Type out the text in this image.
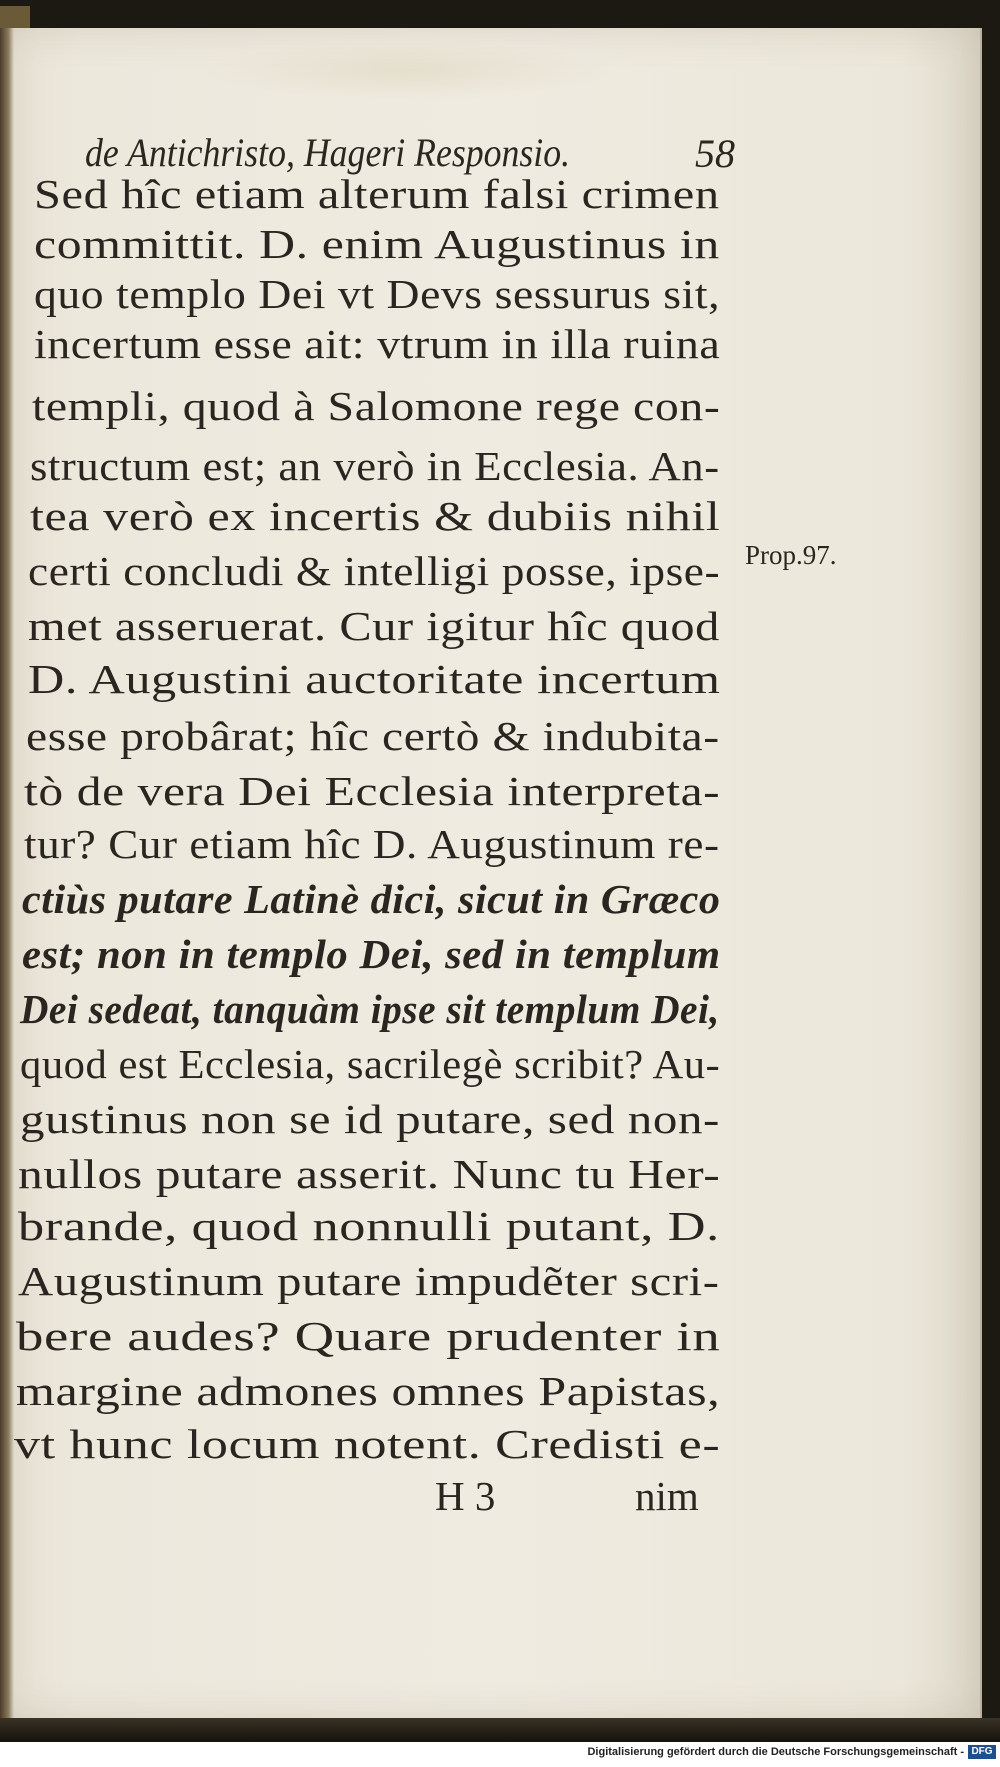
de Antichristo, Hageri Responsio.	58
Sed hîc etiam alterum falsi crimen
committit. D. enim Augustinus in
quo templo Dei vt Devs sessurus sit,
incertum esse ait: vtrum in illa ruina
templi, quod à Salomone rege con-
structum est; an verò in Ecclesia. An-
tea verò ex incertis & dubiis nihil
certi concludi & intelligi posse, ipse-
met asseruerat. Cur igitur hîc quod
D. Augustini auctoritate incertum
esse probârat; hîc certò & indubita-
tò de vera Dei Ecclesia interpreta-
tur? Cur etiam hîc D. Augustinum re-
ctiùs putare Latinè dici, sicut in Græco
est; non in templo Dei, sed in templum
Dei sedeat, tanquàm ipse sit templum Dei,
quod est Ecclesia, sacrilegè scribit? Au-
gustinus non se id putare, sed non-
nullos putare asserit. Nunc tu Her-
brande, quod nonnulli putant, D.
Augustinum putare impudẽter scri-
bere audes? Quare prudenter in
margine admones omnes Papistas,
vt hunc locum notent. Credisti e-
Prop.97.
H 3	nim
Digitalisierung gefördert durch die Deutsche Forschungsgemeinschaft - DFG
